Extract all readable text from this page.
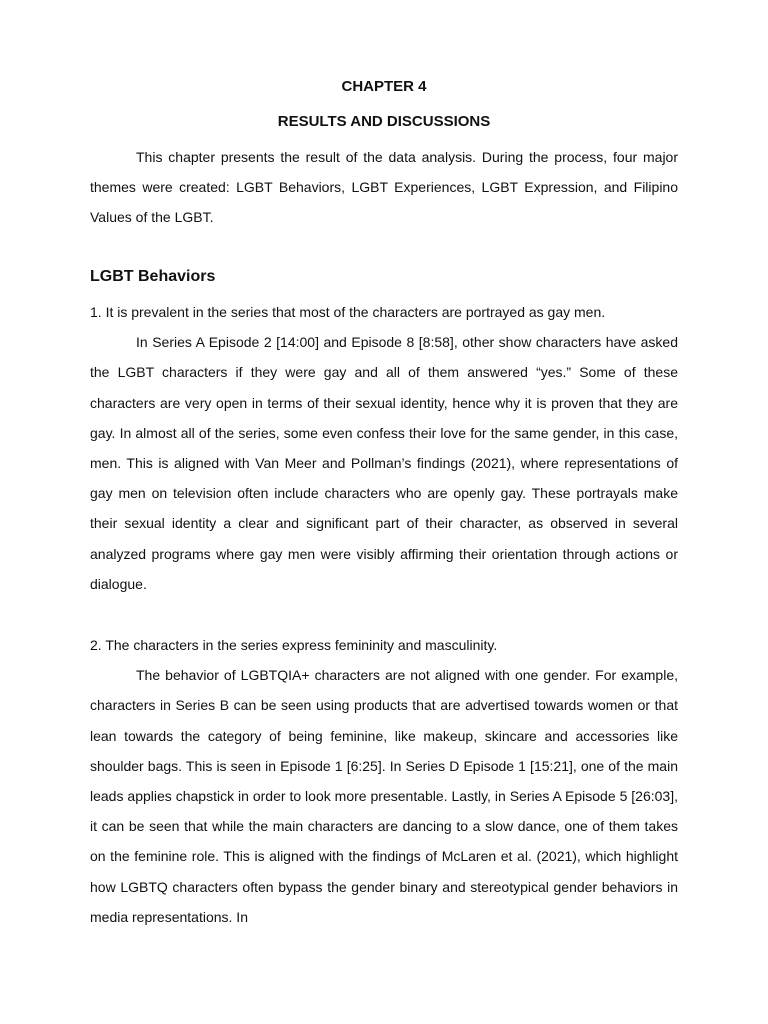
CHAPTER 4
RESULTS AND DISCUSSIONS

This chapter presents the result of the data analysis. During the process, four major themes were created: LGBT Behaviors, LGBT Experiences, LGBT Expression, and Filipino Values of the LGBT.

LGBT Behaviors

1. It is prevalent in the series that most of the characters are portrayed as gay men.

In Series A Episode 2 [14:00] and Episode 8 [8:58], other show characters have asked the LGBT characters if they were gay and all of them answered “yes.” Some of these characters are very open in terms of their sexual identity, hence why it is proven that they are gay. In almost all of the series, some even confess their love for the same gender, in this case, men. This is aligned with Van Meer and Pollman’s findings (2021), where representations of gay men on television often include characters who are openly gay. These portrayals make their sexual identity a clear and significant part of their character, as observed in several analyzed programs where gay men were visibly affirming their orientation through actions or dialogue.

2. The characters in the series express femininity and masculinity.

The behavior of LGBTQIA+ characters are not aligned with one gender. For example, characters in Series B can be seen using products that are advertised towards women or that lean towards the category of being feminine, like makeup, skincare and accessories like shoulder bags. This is seen in Episode 1 [6:25]. In Series D Episode 1 [15:21], one of the main leads applies chapstick in order to look more presentable. Lastly, in Series A Episode 5 [26:03], it can be seen that while the main characters are dancing to a slow dance, one of them takes on the feminine role. This is aligned with the findings of McLaren et al. (2021), which highlight how LGBTQ characters often bypass the gender binary and stereotypical gender behaviors in media representations. In
